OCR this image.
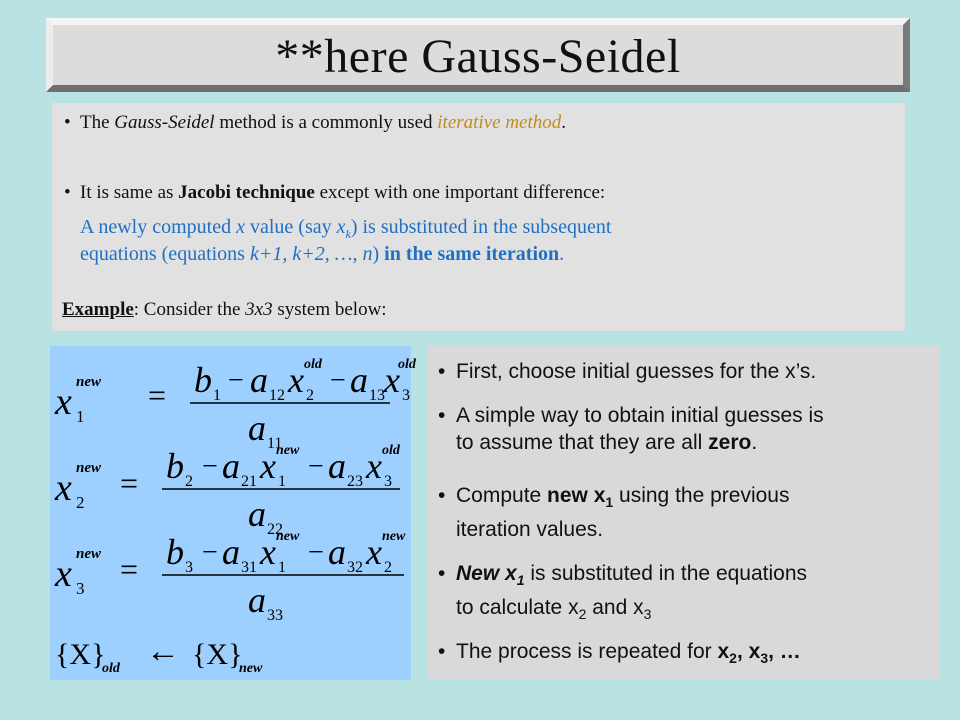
**here Gauss-Seidel
• The Gauss-Seidel method is a commonly used iterative method.
• It is same as Jacobi technique except with one important difference:
A newly computed x value (say $x_k$) is substituted in the subsequent
equations (equations k+1, k+2, …, n) in the same iteration.
Example: Consider the 3x3 system below:
x 1
new = b 1 − a 12 x 2
old
− a 13 x 3
old
a 11
x 2
new = b 2 − a 21 x 1
new
− a 23 x 3
old
a 22
x 3
new = b 3 − a 31 x 1
new
− a 32 x 2
new
a 33
{X}
old ← {X}
new
• First, choose initial guesses for the x’s.
• A simple way to obtain initial guesses is
to assume that they are all zero.
• Compute new $x_1$ using the previous
iteration values.
• New $x_1$ is substituted in the equations
to calculate $x_2$ and $x_3$
• The process is repeated for $x_2$, $x_3$, …
